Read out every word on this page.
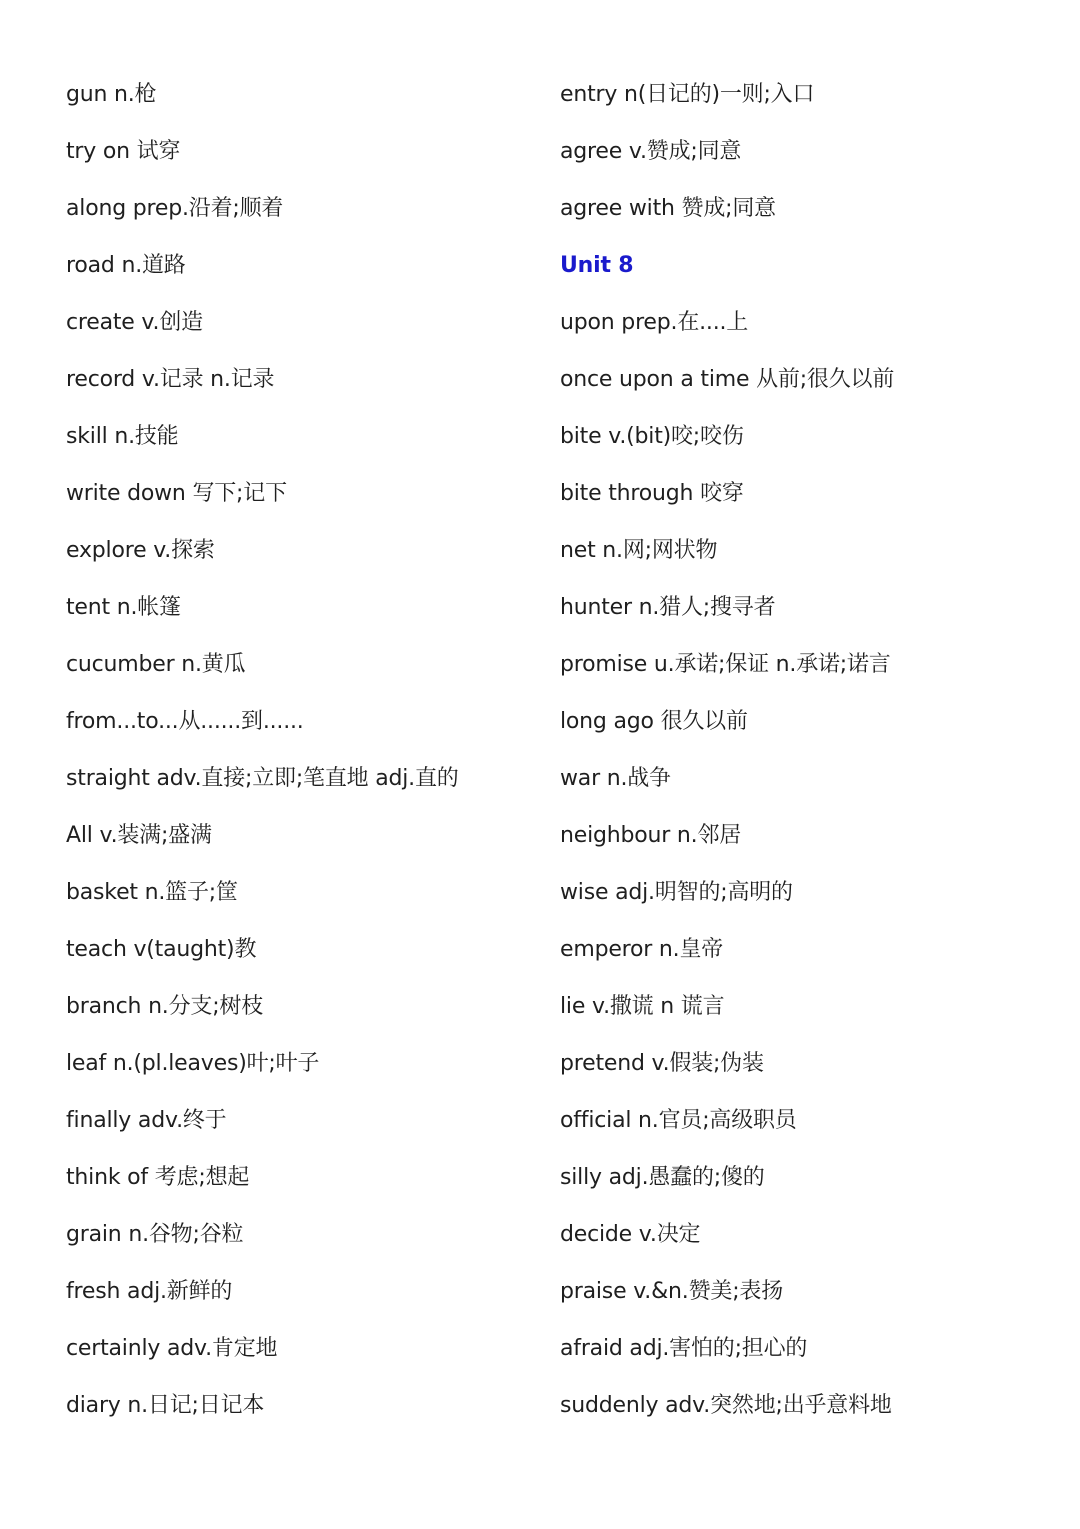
gun n.枪
try on 试穿
along prep.沿着;顺着
road n.道路
create v.创造
record v.记录 n.记录
skill n.技能
write down 写下;记下
explore v.探索
tent n.帐篷
cucumber n.黄瓜
from...to...从......到......
straight adv.直接;立即;笔直地 adj.直的
All v.装满;盛满
basket n.篮子;筐
teach v(taught)教
branch n.分支;树枝
leaf n.(pl.leaves)叶;叶子
finally adv.终于
think of 考虑;想起
grain n.谷物;谷粒
fresh adj.新鲜的
certainly adv.肯定地
diary n.日记;日记本
entry n(日记的)一则;入口
agree v.赞成;同意
agree with 赞成;同意
Unit 8
upon prep.在....上
once upon a time 从前;很久以前
bite v.(bit)咬;咬伤
bite through 咬穿
net n.网;网状物
hunter n.猎人;搜寻者
promise u.承诺;保证 n.承诺;诺言
long ago 很久以前
war n.战争
neighbour n.邻居
wise adj.明智的;高明的
emperor n.皇帝
lie v.撒谎 n 谎言
pretend v.假装;伪装
official n.官员;高级职员
silly adj.愚蠢的;傻的
decide v.决定
praise v.&n.赞美;表扬
afraid adj.害怕的;担心的
suddenly adv.突然地;出乎意料地
